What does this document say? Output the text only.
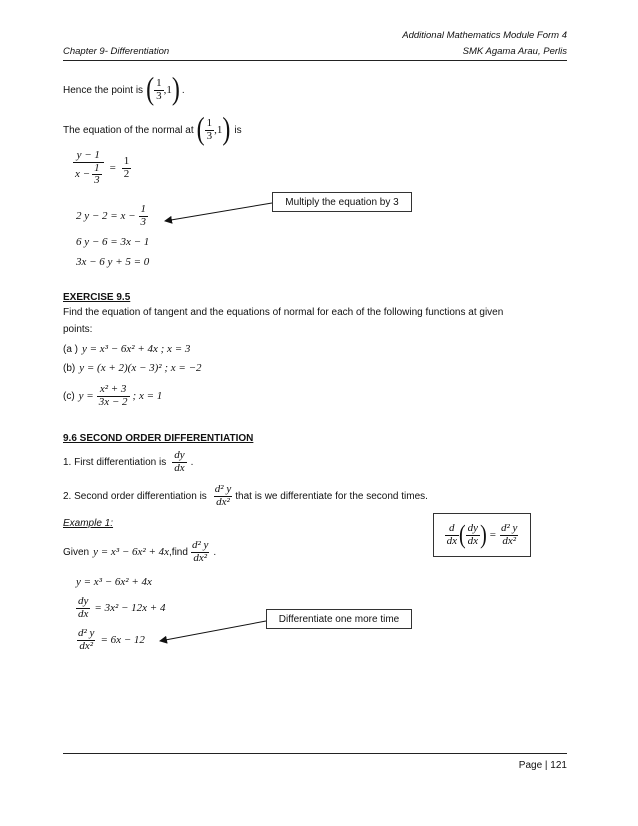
Additional Mathematics Module Form 4
Chapter 9- Differentiation	SMK Agama Arau, Perlis
Hence the point is ( $\frac{1}{3} ,1$ ) .
The equation of the normal at ( $\frac{1}{3} ,1$ ) is
$\frac{y - 1}{x - \frac{1}{3}} = \frac{1}{2}$
2 $y - 2 = x - \frac{1}{3}$
6 y − 6 = 3x − 1
3x − 6 y + 5 = 0
Multiply the equation by 3
Differentiate one more time
EXERCISE 9.5
Find the equation of tangent and the equations of normal for each of the following functions at given
points:
(a ) y = x³ − 6x² + 4x ; x = 3
(b) y = (x + 2)(x − 3)² ; x = −2
(c) $y = \frac{\text{x² + 3}}{3x - 2}$ ; x = 1
9.6 SECOND ORDER DIFFERENTIATION
1. First differentiation is $\frac{dy}{dx}$ .
2. Second order differentiation is $\frac{\text{d² y}}{\text{dx²}}$ that is we differentiate for the second times.
Example 1:	$\frac{d}{dx}$ ( $\frac{dy}{dx}$ ) = $\frac{\text{d² y}}{\text{dx²}}$
Given y = x³ − 6x² + 4x ,find $\frac{\text{d² y}}{\text{dx²}}$ .
y = x³ − 6x² + 4x
$\frac{dy}{dx} = 3x^2 - 12x + 4$
$\frac{\text{d² y}}{\text{dx²}} = 6x - 12$
Page | 121
